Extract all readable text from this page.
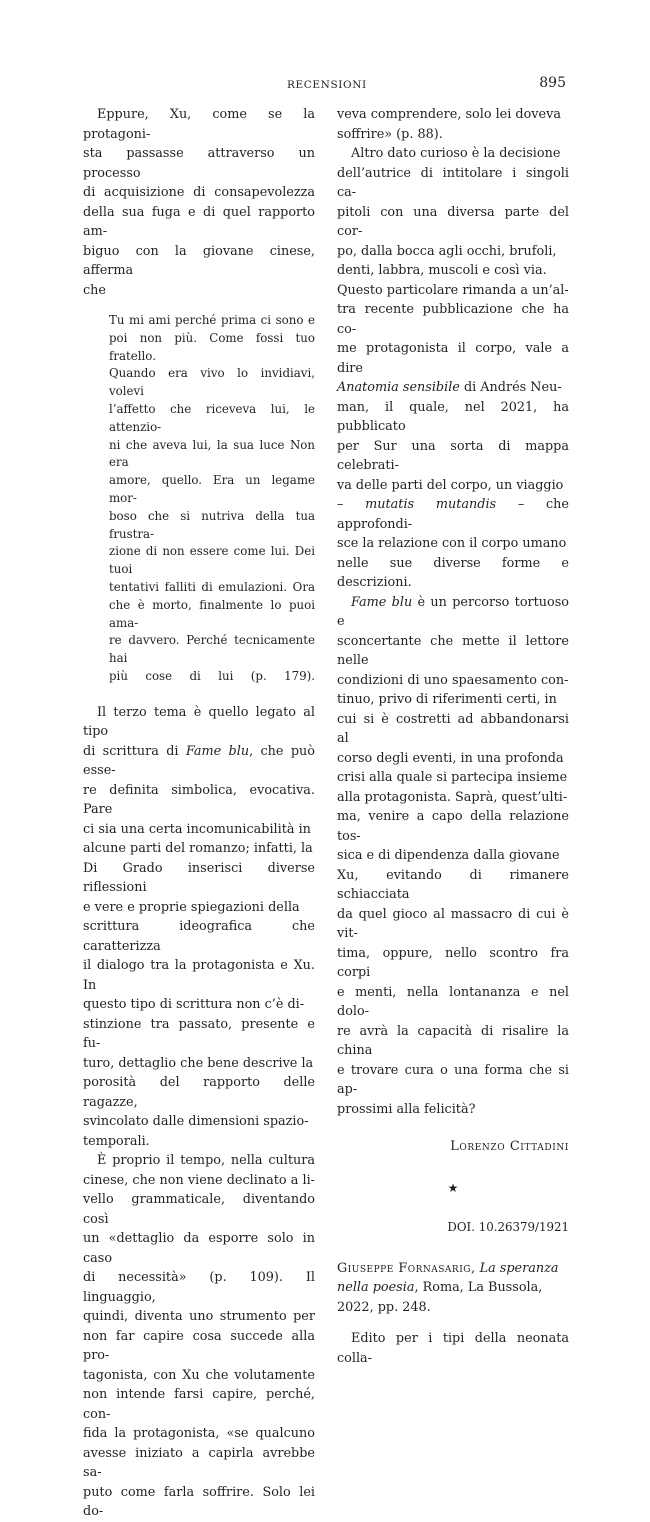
RECENSIONI	895

Eppure, Xu, come se la protagoni-
sta passasse attraverso un processo
di acquisizione di consapevolezza
della sua fuga e di quel rapporto am-
biguo con la giovane cinese, afferma
che

Tu mi ami perché prima ci sono e
poi non più. Come fossi tuo fratello.
Quando era vivo lo invidiavi, volevi
l’affetto che riceveva lui, le attenzio-
ni che aveva lui, la sua luce Non era
amore, quello. Era un legame mor-
boso che si nutriva della tua frustra-
zione di non essere come lui. Dei tuoi
tentativi falliti di emulazioni. Ora
che è morto, finalmente lo puoi ama-
re davvero. Perché tecnicamente hai
più cose di lui (p. 179).

Il terzo tema è quello legato al tipo
di scrittura di Fame blu, che può esse-
re definita simbolica, evocativa. Pare
ci sia una certa incomunicabilità in
alcune parti del romanzo; infatti, la
Di Grado inserisci diverse riflessioni
e vere e proprie spiegazioni della
scrittura ideografica che caratterizza
il dialogo tra la protagonista e Xu. In
questo tipo di scrittura non c’è di-
stinzione tra passato, presente e fu-
turo, dettaglio che bene descrive la
porosità del rapporto delle ragazze,
svincolato dalle dimensioni spazio-
temporali.

È proprio il tempo, nella cultura
cinese, che non viene declinato a li-
vello grammaticale, diventando così
un «dettaglio da esporre solo in caso
di necessità» (p. 109). Il linguaggio,
quindi, diventa uno strumento per
non far capire cosa succede alla pro-
tagonista, con Xu che volutamente
non intende farsi capire, perché, con-
fida la protagonista, «se qualcuno
avesse iniziato a capirla avrebbe sa-
puto come farla soffrire. Solo lei do-

veva comprendere, solo lei doveva
soffrire» (p. 88).

Altro dato curioso è la decisione
dell’autrice di intitolare i singoli ca-
pitoli con una diversa parte del cor-
po, dalla bocca agli occhi, brufoli,
denti, labbra, muscoli e così via.
Questo particolare rimanda a un’al-
tra recente pubblicazione che ha co-
me protagonista il corpo, vale a dire
Anatomia sensibile di Andrés Neu-
man, il quale, nel 2021, ha pubblicato
per Sur una sorta di mappa celebrati-
va delle parti del corpo, un viaggio
– mutatis mutandis – che approfondi-
sce la relazione con il corpo umano
nelle sue diverse forme e descrizioni.

Fame blu è un percorso tortuoso e
sconcertante che mette il lettore nelle
condizioni di uno spaesamento con-
tinuo, privo di riferimenti certi, in
cui si è costretti ad abbandonarsi al
corso degli eventi, in una profonda
crisi alla quale si partecipa insieme
alla protagonista. Saprà, quest’ulti-
ma, venire a capo della relazione tos-
sica e di dipendenza dalla giovane
Xu, evitando di rimanere schiacciata
da quel gioco al massacro di cui è vit-
tima, oppure, nello scontro fra corpi
e menti, nella lontananza e nel dolo-
re avrà la capacità di risalire la china
e trovare cura o una forma che si ap-
prossimi alla felicità?

Lorenzo Cittadini
★
DOI. 10.26379/1921

Giuseppe Fornasarig, La speranza nella poesia, Roma, La Bussola, 2022, pp. 248.

Edito per i tipi della neonata colla-
